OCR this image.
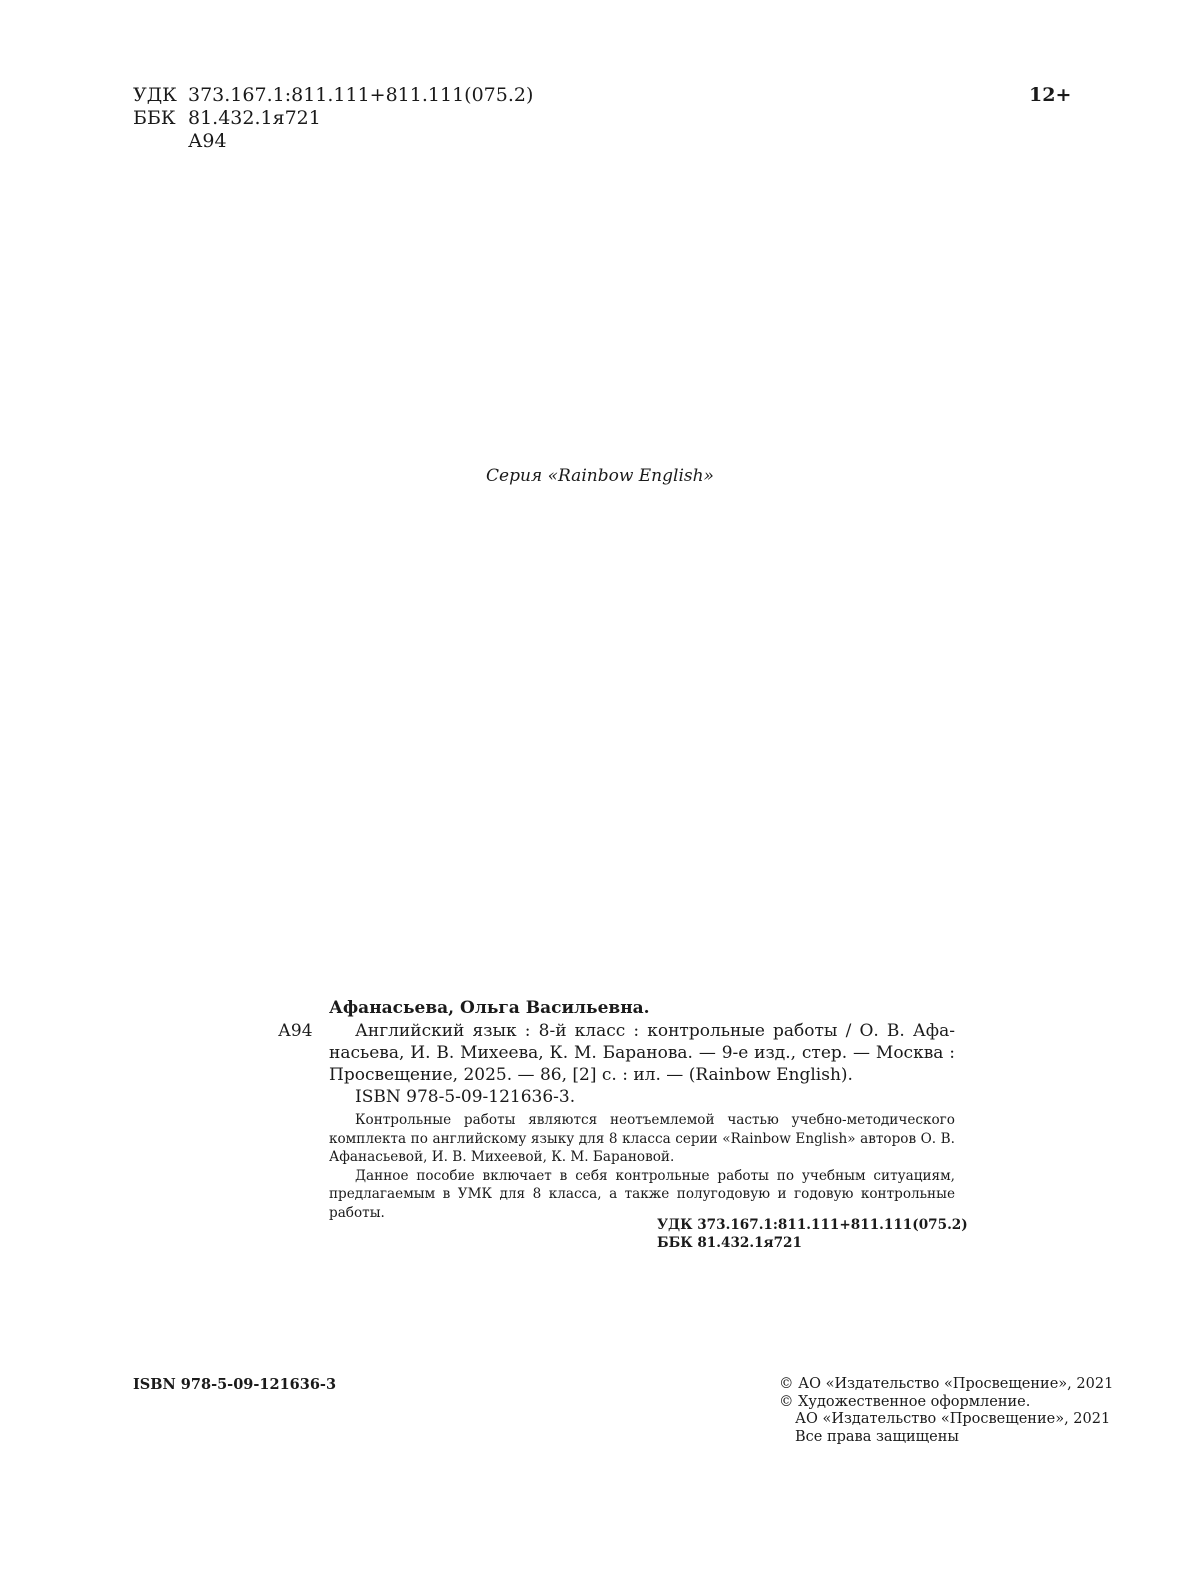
УДК 373.167.1:811.111+811.111(075.2)
ББК 81.432.1я721
А94
12+
Серия «Rainbow English»
Афанасьева, Ольга Васильевна.
А94	Английский язык : 8-й класс : контрольные работы / О. В. Афа-
насьева, И. В. Михеева, К. М. Баранова. — 9-е изд., стер. — Москва :
Просвещение, 2025. — 86, [2] с. : ил. — (Rainbow English).
ISBN 978-5-09-121636-3.

Контрольные работы являются неотъемлемой частью учебно-методического комплекта по английскому языку для 8 класса серии «Rainbow English» авторов О. В. Афанасьевой, И. В. Михеевой, К. М. Барановой.

Данное пособие включает в себя контрольные работы по учебным ситуациям, предлагаемым в УМК для 8 класса, а также полугодовую и годовую контрольные работы.

УДК 373.167.1:811.111+811.111(075.2)
ББК 81.432.1я721
ISBN 978-5-09-121636-3	© АО «Издательство «Просвещение», 2021
© Художественное оформление.
АО «Издательство «Просвещение», 2021
Все права защищены
